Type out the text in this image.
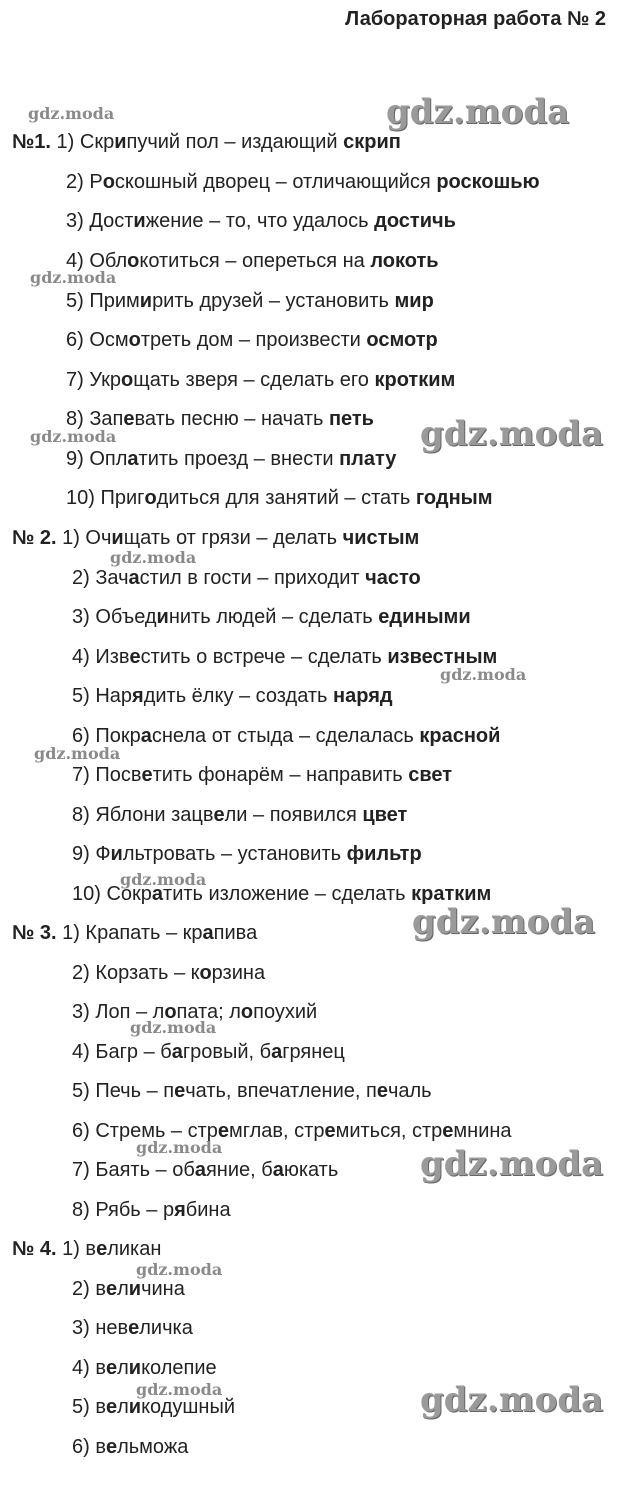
Лабораторная работа № 2
№1. 1) Скрипучий пол – издающий скрип
2) Роскошный дворец – отличающийся роскошью
3) Достижение – то, что удалось достичь
4) Облокотиться – опереться на локоть
5) Примирить друзей – установить мир
6) Осмотреть дом – произвести осмотр
7) Укрощать зверя – сделать его кротким
8) Запевать песню – начать петь
9) Оплатить проезд – внести плату
10) Пригодиться для занятий – стать годным
№ 2. 1) Очищать от грязи – делать чистым
2) Зачастил в гости – приходит часто
3) Объединить людей – сделать едиными
4) Известить о встрече – сделать известным
5) Нарядить ёлку – создать наряд
6) Покраснела от стыда – сделалась красной
7) Посветить фонарём – направить свет
8) Яблони зацвели – появился цвет
9) Фильтровать – установить фильтр
10) Сократить изложение – сделать кратким
№ 3. 1) Крапать – крапива
2) Корзать – корзина
3) Лоп – лопата; лопоухий
4) Багр – багровый, багрянец
5) Печь – печать, впечатление, печаль
6) Стремь – стремглав, стремиться, стремнина
7) Баять – обаяние, баюкать
8) Рябь – рябина
№ 4. 1) великан
2) величина
3) невеличка
4) великолепие
5) великодушный
6) вельможа
gdz.moda	gdz.moda
gdz.moda
gdz.moda	gdz.moda
gdz.moda
gdz.moda
gdz.moda
gdz.moda
gdz.moda
gdz.moda
gdz.moda	gdz.moda
gdz.moda
gdz.moda	gdz.moda
